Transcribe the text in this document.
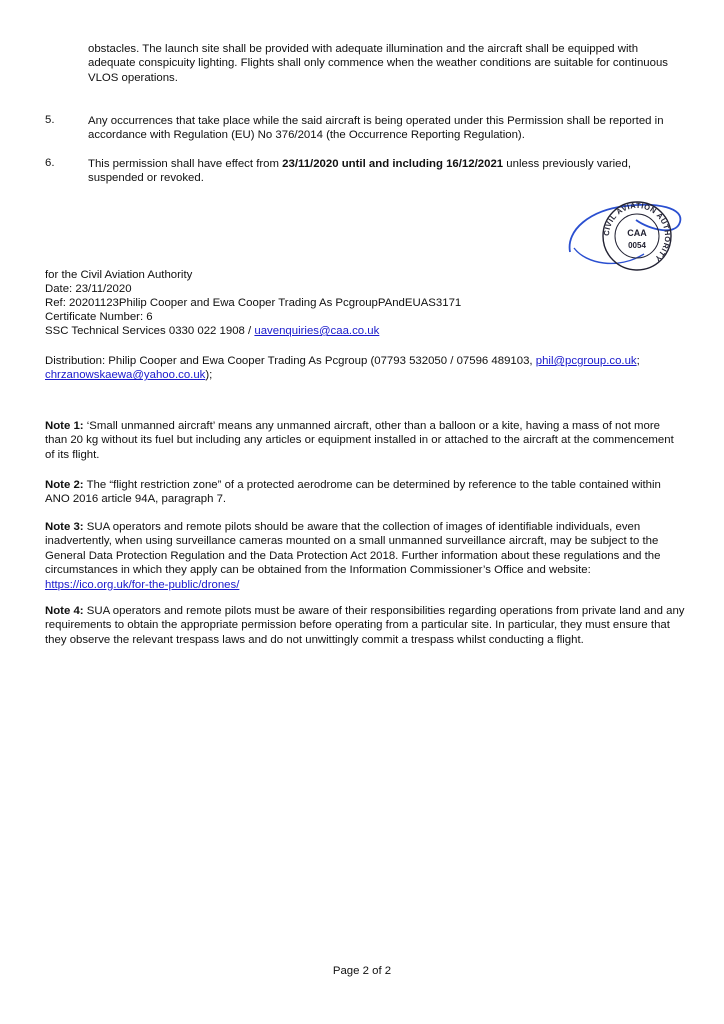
obstacles. The launch site shall be provided with adequate illumination and the aircraft shall be equipped with adequate conspicuity lighting. Flights shall only commence when the weather conditions are suitable for continuous VLOS operations.
5.	Any occurrences that take place while the said aircraft is being operated under this Permission shall be reported in accordance with Regulation (EU) No 376/2014 (the Occurrence Reporting Regulation).
6.	This permission shall have effect from 23/11/2020 until and including 16/12/2021 unless previously varied, suspended or revoked.
CIVIL AVIATION AUTHORITY
CAA
0054
for the Civil Aviation Authority
Date: 23/11/2020
Ref: 20201123Philip Cooper and Ewa Cooper Trading As PcgroupPAndEUAS3171
Certificate Number: 6
SSC Technical Services 0330 022 1908 / uavenquiries@caa.co.uk
Distribution: Philip Cooper and Ewa Cooper Trading As Pcgroup (07793 532050 / 07596 489103, phil@pcgroup.co.uk; chrzanowskaewa@yahoo.co.uk);
Note 1: ‘Small unmanned aircraft’ means any unmanned aircraft, other than a balloon or a kite, having a mass of not more than 20 kg without its fuel but including any articles or equipment installed in or attached to the aircraft at the commencement of its flight.
Note 2: The “flight restriction zone” of a protected aerodrome can be determined by reference to the table contained within ANO 2016 article 94A, paragraph 7.
Note 3: SUA operators and remote pilots should be aware that the collection of images of identifiable individuals, even inadvertently, when using surveillance cameras mounted on a small unmanned surveillance aircraft, may be subject to the General Data Protection Regulation and the Data Protection Act 2018. Further information about these regulations and the circumstances in which they apply can be obtained from the Information Commissioner’s Office and website: https://ico.org.uk/for-the-public/drones/
Note 4: SUA operators and remote pilots must be aware of their responsibilities regarding operations from private land and any requirements to obtain the appropriate permission before operating from a particular site. In particular, they must ensure that they observe the relevant trespass laws and do not unwittingly commit a trespass whilst conducting a flight.
Page 2 of 2
